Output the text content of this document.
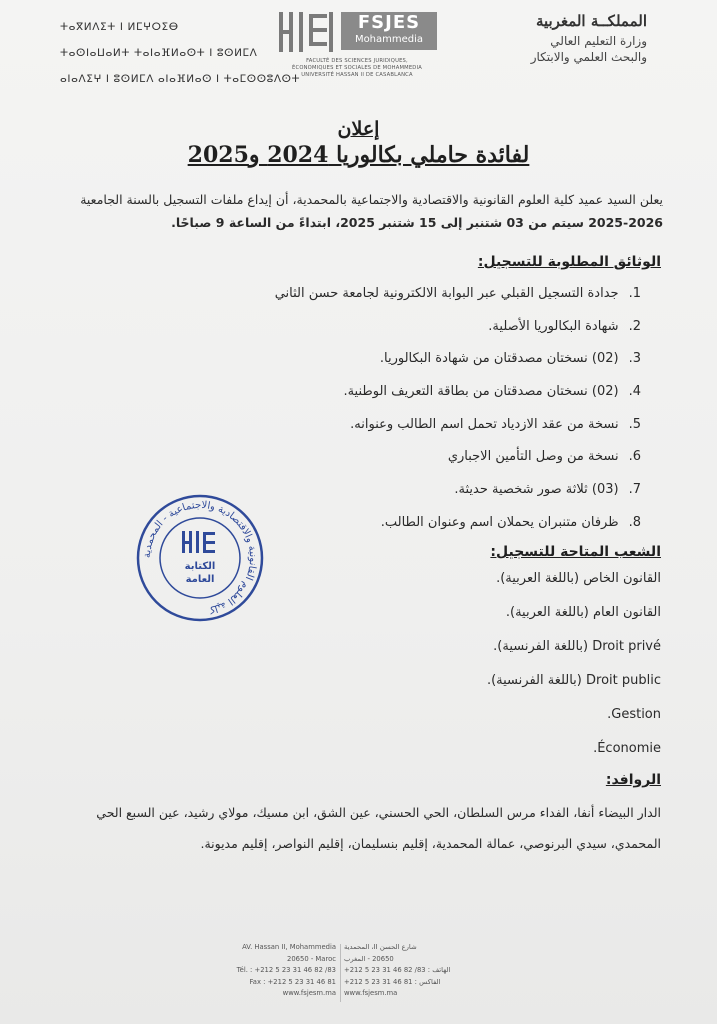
ⵜⴰⴳⵍⴷⵉⵜ ⵏ ⵍⵎⵖⵔⵉⴱ
ⵜⴰⵙⵏⴰⵡⴰⵍⵜ ⵜⴰⵏⴰⴼⵍⴰⵙⵜ ⵏ ⵓⵙⵍⵎⴷ
ⴰⵏⴰⴷⵉⵖ ⵏ ⵓⵙⵍⵎⴷ ⴰⵏⴰⴼⵍⴰⵙ ⵏ ⵜⴰⵎⵙⵙⵓⴷⵙⵜ
FSJES
Mohammedia
FACULTÉ DES SCIENCES JURIDIQUES,
ÉCONOMIQUES ET SOCIALES DE MOHAMMEDIA
UNIVERSITÉ HASSAN II DE CASABLANCA
المملكــة المغربية
وزارة التعليم العالي
والبحث العلمي والابتكار
إعلان
لفائدة حاملي بكالوريا 2024 و2025
يعلن السيد عميد كلية العلوم القانونية والاقتصادية والاجتماعية بالمحمدية، أن إيداع ملفات التسجيل بالسنة الجامعية
2025-2026 سيتم من 03 شتنبر إلى 15 شتنبر 2025، ابتداءً من الساعة 9 صباحًا.
الوثائق المطلوبة للتسجيل:
1.جدادة التسجيل القبلي عبر البوابة الالكترونية لجامعة حسن الثاني
2.شهادة البكالوريا الأصلية.
3.(02) نسختان مصدقتان من شهادة البكالوريا.
4.(02) نسختان مصدقتان من بطاقة التعريف الوطنية.
5.نسخة من عقد الازدياد تحمل اسم الطالب وعنوانه.
6.نسخة من وصل التأمين الاجباري
7.(03) ثلاثة صور شخصية حديثة.
8.ظرفان متنبران يحملان اسم وعنوان الطالب.
كلية العلوم القانونية والاقتصادية والاجتماعية - المحمدية
الكتابة
العامة
الشعب المتاحة للتسجيل:
القانون الخاص (باللغة العربية).
القانون العام (باللغة العربية).
Droit privé (باللغة الفرنسية).
Droit public (باللغة الفرنسية).
Gestion.
Économie.
الروافد:
الدار البيضاء أنفا، الفداء مرس السلطان، الحي الحسني، عين الشق، ابن مسيك، مولاي رشيد، عين السبع الحي
المحمدي، سيدي البرنوصي، عمالة المحمدية، إقليم بنسليمان، إقليم النواصر، إقليم مديونة.
AV. Hassan II, Mohammedia
20650 - Maroc
Tél. : +212 5 23 31 46 82 /83
Fax : +212 5 23 31 46 81
www.fsjesm.ma
شارع الحسن II، المحمدية
20650 - المغرب
الهاتف : 83/ 82 46 31 23 5 212+
الفاكس : 81 46 31 23 5 212+
www.fsjesm.ma
